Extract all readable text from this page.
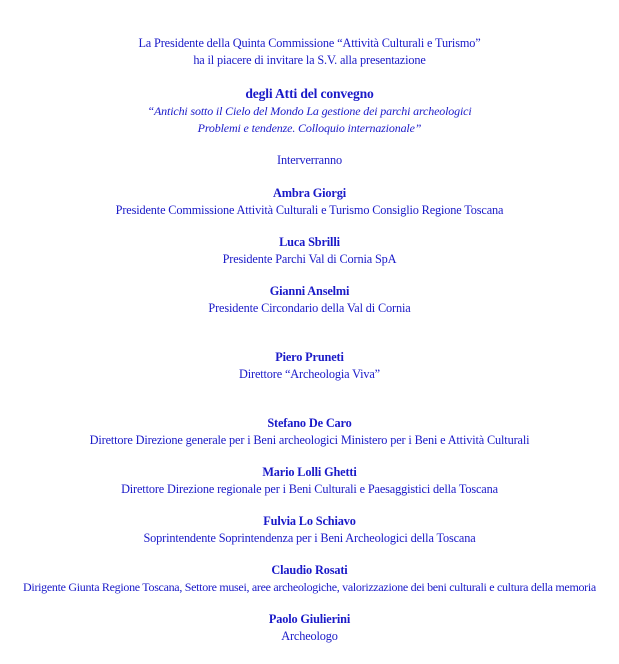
La Presidente della Quinta Commissione “Attività Culturali e Turismo”
ha il piacere di invitare la S.V. alla presentazione
degli Atti del convegno
“Antichi sotto il Cielo del Mondo La gestione dei parchi archeologici
Problemi e tendenze. Colloquio internazionale”
Interverranno
Ambra Giorgi
Presidente Commissione Attività Culturali e Turismo Consiglio Regione Toscana
Luca Sbrilli
Presidente Parchi Val di Cornia SpA
Gianni Anselmi
Presidente Circondario della Val di Cornia
Piero Pruneti
Direttore “Archeologia Viva”
Stefano De Caro
Direttore Direzione generale per i Beni archeologici Ministero per i Beni e Attività Culturali
Mario Lolli Ghetti
Direttore Direzione regionale per i Beni Culturali e Paesaggistici della Toscana
Fulvia Lo Schiavo
Soprintendente Soprintendenza per i Beni Archeologici della Toscana
Claudio Rosati
Dirigente Giunta Regione Toscana, Settore musei, aree archeologiche, valorizzazione dei beni culturali e cultura della memoria
Paolo Giulierini
Archeologo
